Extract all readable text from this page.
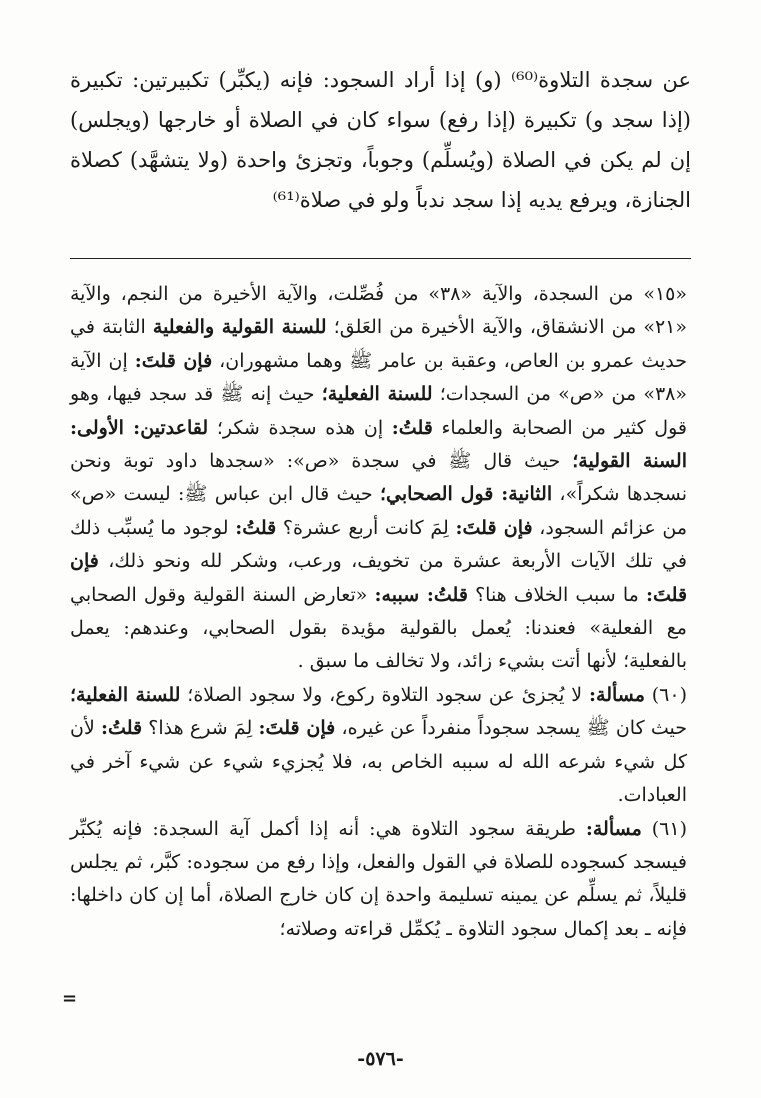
عن سجدة التلاوة⁽⁶⁰⁾ (و) إذا أراد السجود: فإنه (يكبِّر) تكبيرتين: تكبيرة (إذا سجد و) تكبيرة (إذا رفع) سواء كان في الصلاة أو خارجها (ويجلس) إن لم يكن في الصلاة (ويُسلِّم) وجوباً، وتجزئ واحدة (ولا يتشهَّد) كصلاة الجنازة، ويرفع يديه إذا سجد ندباً ولو في صلاة⁽⁶¹⁾

«١٥» من السجدة، والآية «٣٨» من فُصِّلت، والآية الأخيرة من النجم، والآية «٢١» من الانشقاق، والآية الأخيرة من العَلق؛ للسنة القولية والفعلية الثابتة في حديث عمرو بن العاص، وعقبة بن عامر ﷺ وهما مشهوران، فإن قلتَ: إن الآية «٣٨» من «ص» من السجدات؛ للسنة الفعلية؛ حيث إنه ﷺ قد سجد فيها، وهو قول كثير من الصحابة والعلماء قلتُ: إن هذه سجدة شكر؛ لقاعدتين: الأولى: السنة القولية؛ حيث قال ﷺ في سجدة «ص»: «سجدها داود توبة ونحن نسجدها شكراً»، الثانية: قول الصحابي؛ حيث قال ابن عباس ﷺ: ليست «ص» من عزائم السجود، فإن قلتَ: لِمَ كانت أربع عشرة؟ قلتُ: لوجود ما يُسبِّب ذلك في تلك الآيات الأربعة عشرة من تخويف، ورعب، وشكر لله ونحو ذلك، فإن قلتَ: ما سبب الخلاف هنا؟ قلتُ: سببه: «تعارض السنة القولية وقول الصحابي مع الفعلية» فعندنا: يُعمل بالقولية مؤيدة بقول الصحابي، وعندهم: يعمل بالفعلية؛ لأنها أتت بشيء زائد، ولا تخالف ما سبق .

(٦٠) مسألة: لا يُجزئ عن سجود التلاوة ركوع، ولا سجود الصلاة؛ للسنة الفعلية؛ حيث كان ﷺ يسجد سجوداً منفرداً عن غيره، فإن قلتَ: لِمَ شرع هذا؟ قلتُ: لأن كل شيء شرعه الله له سببه الخاص به، فلا يُجزيء شيء عن شيء آخر في العبادات.

(٦١) مسألة: طريقة سجود التلاوة هي: أنه إذا أكمل آية السجدة: فإنه يُكبِّر فيسجد كسجوده للصلاة في القول والفعل، وإذا رفع من سجوده: كبَّر، ثم يجلس قليلاً، ثم يسلِّم عن يمينه تسليمة واحدة إن كان خارج الصلاة، أما إن كان داخلها: فإنه ـ بعد إكمال سجود التلاوة ـ يُكمِّل قراءته وصلاته؛

=
-٥٧٦-
